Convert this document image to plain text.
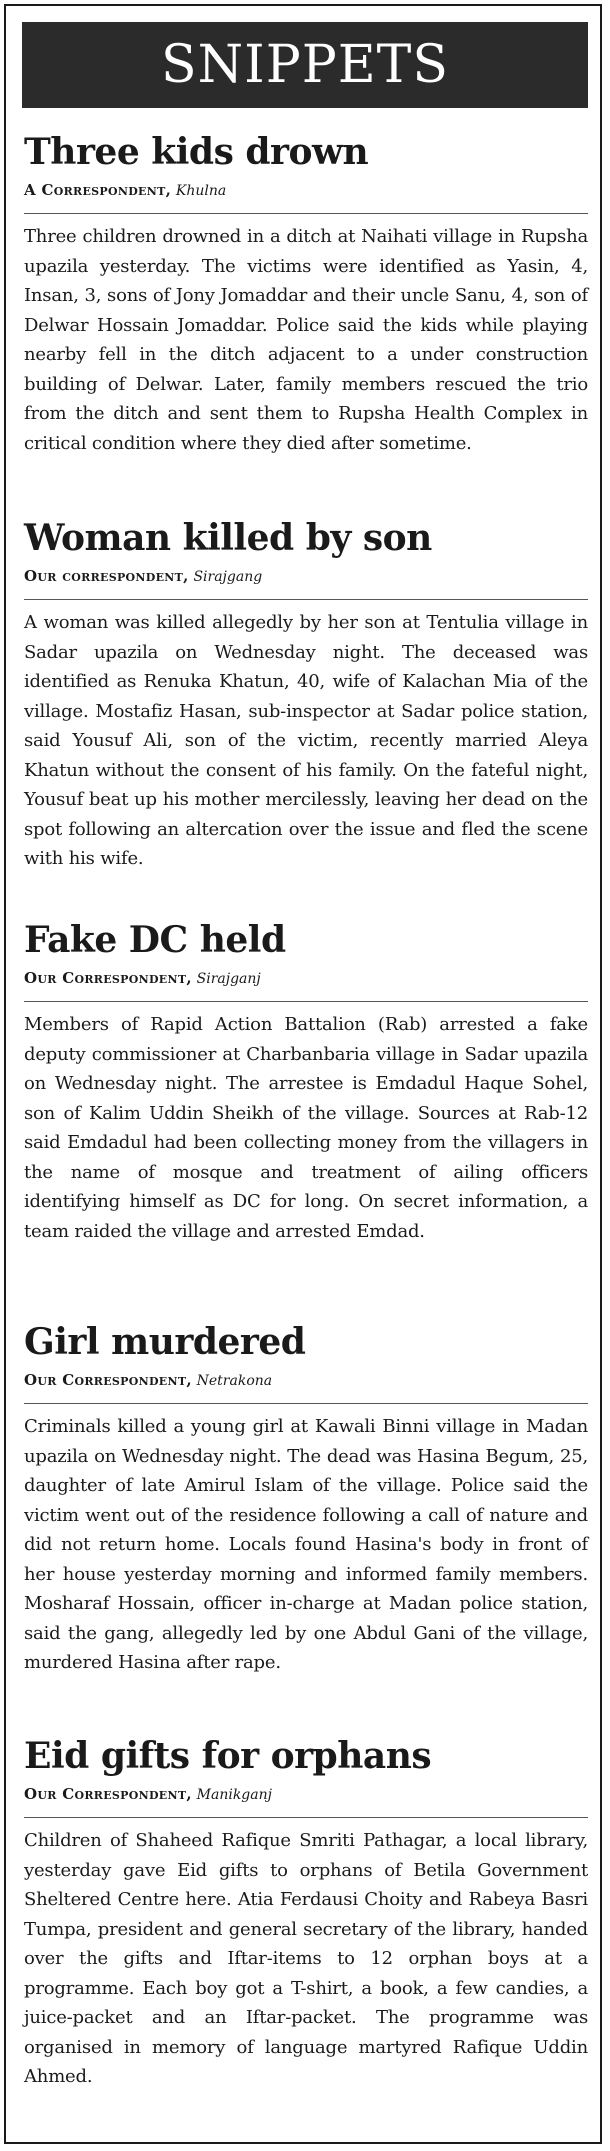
SNIPPETS
Three kids drown
A Correspondent, Khulna

Three children drowned in a ditch at Naihati village in Rupsha upazila yesterday. The victims were identified as Yasin, 4, Insan, 3, sons of Jony Jomaddar and their uncle Sanu, 4, son of Delwar Hossain Jomaddar. Police said the kids while playing nearby fell in the ditch adjacent to a under construction building of Delwar. Later, family members rescued the trio from the ditch and sent them to Rupsha Health Complex in critical condition where they died after sometime.

Woman killed by son
Our correspondent, Sirajgang

A woman was killed allegedly by her son at Tentulia village in Sadar upazila on Wednesday night. The deceased was identified as Renuka Khatun, 40, wife of Kalachan Mia of the village. Mostafiz Hasan, sub-inspector at Sadar police station, said Yousuf Ali, son of the victim, recently married Aleya Khatun without the consent of his family. On the fateful night, Yousuf beat up his mother mercilessly, leaving her dead on the spot following an altercation over the issue and fled the scene with his wife.

Fake DC held
Our Correspondent, Sirajganj

Members of Rapid Action Battalion (Rab) arrested a fake deputy commissioner at Charbanbaria village in Sadar upazila on Wednesday night. The arrestee is Emdadul Haque Sohel, son of Kalim Uddin Sheikh of the village. Sources at Rab-12 said Emdadul had been collecting money from the villagers in the name of mosque and treatment of ailing officers identifying himself as DC for long. On secret information, a team raided the village and arrested Emdad.

Girl murdered
Our Correspondent, Netrakona

Criminals killed a young girl at Kawali Binni village in Madan upazila on Wednesday night. The dead was Hasina Begum, 25, daughter of late Amirul Islam of the village. Police said the victim went out of the residence following a call of nature and did not return home. Locals found Hasina's body in front of her house yesterday morning and informed family members. Mosharaf Hossain, officer in-charge at Madan police station, said the gang, allegedly led by one Abdul Gani of the village, murdered Hasina after rape.

Eid gifts for orphans
Our Correspondent, Manikganj

Children of Shaheed Rafique Smriti Pathagar, a local library, yesterday gave Eid gifts to orphans of Betila Government Sheltered Centre here. Atia Ferdausi Choity and Rabeya Basri Tumpa, president and general secretary of the library, handed over the gifts and Iftar-items to 12 orphan boys at a programme. Each boy got a T-shirt, a book, a few candies, a juice-packet and an Iftar-packet. The programme was organised in memory of language martyred Rafique Uddin Ahmed.
